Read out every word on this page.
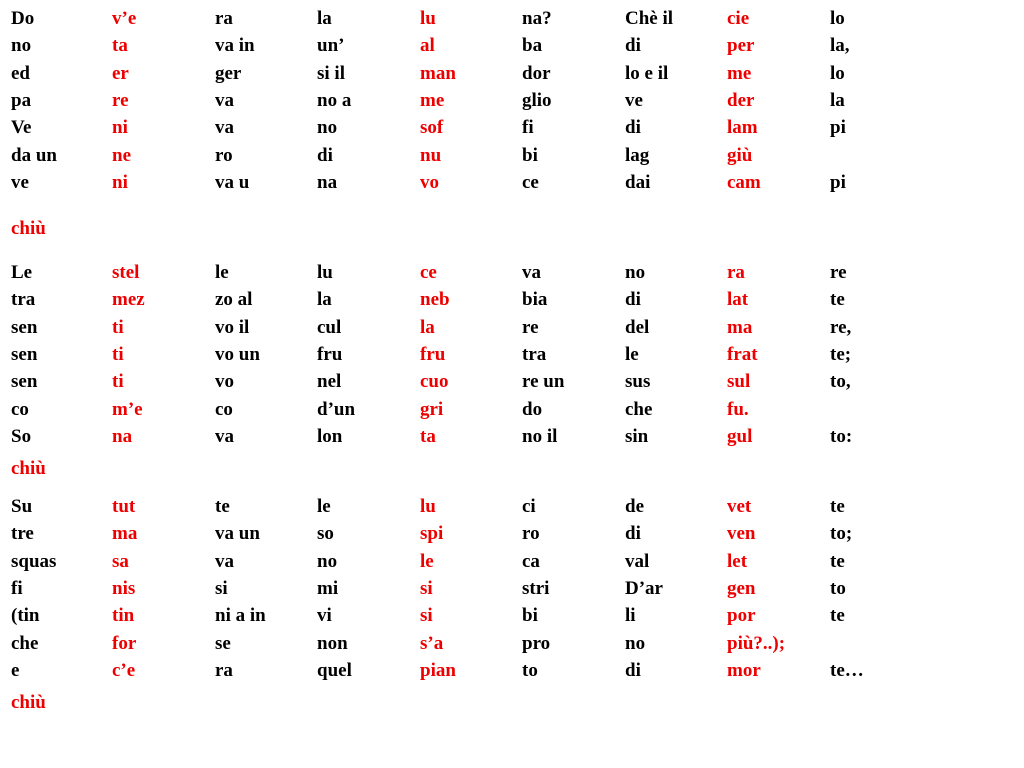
Do	v’e	ra	la	lu	na?	Chè il	cie	lo
no	ta	va in	un’	al	ba	di	per	la,
ed	er	ger	si il	man	dor	lo e il	me	lo
pa	re	va	no a	me	glio	ve	der	la
Ve	ni	va	no	sof	fi	di	lam	pi
da un	ne	ro	di	nu	bi	lag	giù
ve	ni	va u	na	vo	ce	dai	cam	pi
chiù
Le	stel	le	lu	ce	va	no	ra	re
tra	mez	zo al	la	neb	bia	di	lat	te
sen	ti	vo il	cul	la	re	del	ma	re,
sen	ti	vo un	fru	fru	tra	le	frat	te;
sen	ti	vo	nel	cuo	re un	sus	sul	to,
co	m’e	co	d’un	gri	do	che	fu.
So	na	va	lon	ta	no il	sin	gul	to:
chiù
Su	tut	te	le	lu	ci	de	vet	te
tre	ma	va un	so	spi	ro	di	ven	to;
squas	sa	va	no	le	ca	val	let	te
fi	nis	si	mi	si	stri	D’ar	gen	to
(tin	tin	ni a in	vi	si	bi	li	por	te
che	for	se	non	s’a	pro	no	più?..);
e	c’e	ra	quel	pian	to	di	mor	te…
chiù
